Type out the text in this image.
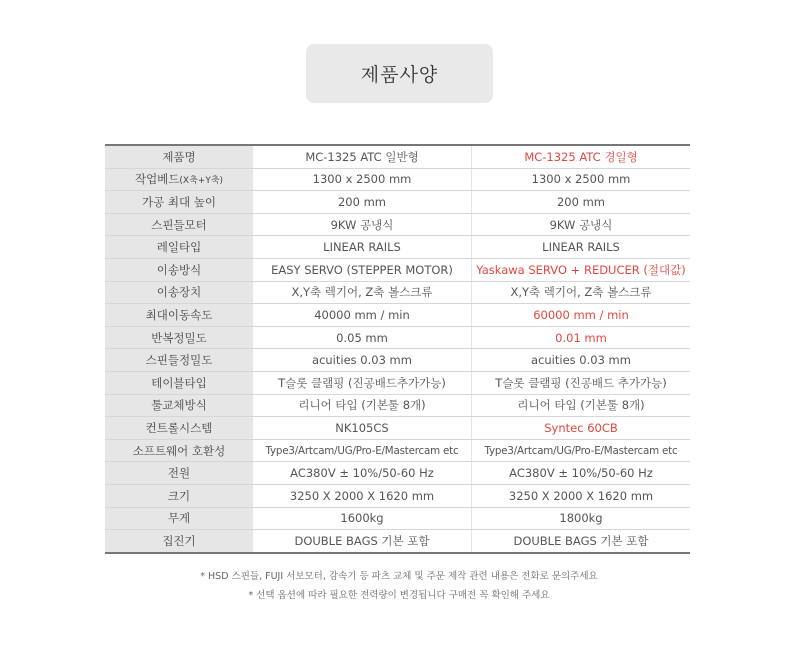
제품사양
제품명	MC-1325 ATC 일반형	MC-1325 ATC 경일형
작업베드(X축+Y축)	1300 x 2500 mm	1300 x 2500 mm
가공 최대 높이	200 mm	200 mm
스핀들모터	9KW 공냉식	9KW 공냉식
레일타입	LINEAR RAILS	LINEAR RAILS
이송방식	EASY SERVO (STEPPER MOTOR)	Yaskawa SERVO + REDUCER (절대값)
이송장치	X,Y축 렉기어, Z축 볼스크류	X,Y축 렉기어, Z축 볼스크류
최대이동속도	40000 mm / min	60000 mm / min
반복정밀도	0.05 mm	0.01 mm
스핀들정밀도	acuities 0.03 mm	acuities 0.03 mm
테이블타입	T슬롯 클램핑 (진공배드추가가능)	T슬롯 클램핑 (진공배드 추가가능)
툴교체방식	리니어 타입 (기본툴 8개)	리니어 타입 (기본툴 8개)
컨트롤시스템	NK105CS	Syntec 60CB
소프트웨어 호환성	Type3/Artcam/UG/Pro-E/Mastercam etc	Type3/Artcam/UG/Pro-E/Mastercam etc
전원	AC380V ± 10%/50-60 Hz	AC380V ± 10%/50-60 Hz
크기	3250 X 2000 X 1620 mm	3250 X 2000 X 1620 mm
무게	1600kg	1800kg
집진기	DOUBLE BAGS 기본 포함	DOUBLE BAGS 기본 포함
* HSD 스핀들, FUJI 서보모터, 감속기 등 파츠 교체 및 주문 제작 관련 내용은 전화로 문의주세요
* 선택 옵션에 따라 필요한 전력량이 변경됩니다 구매전 꼭 확인해 주세요
